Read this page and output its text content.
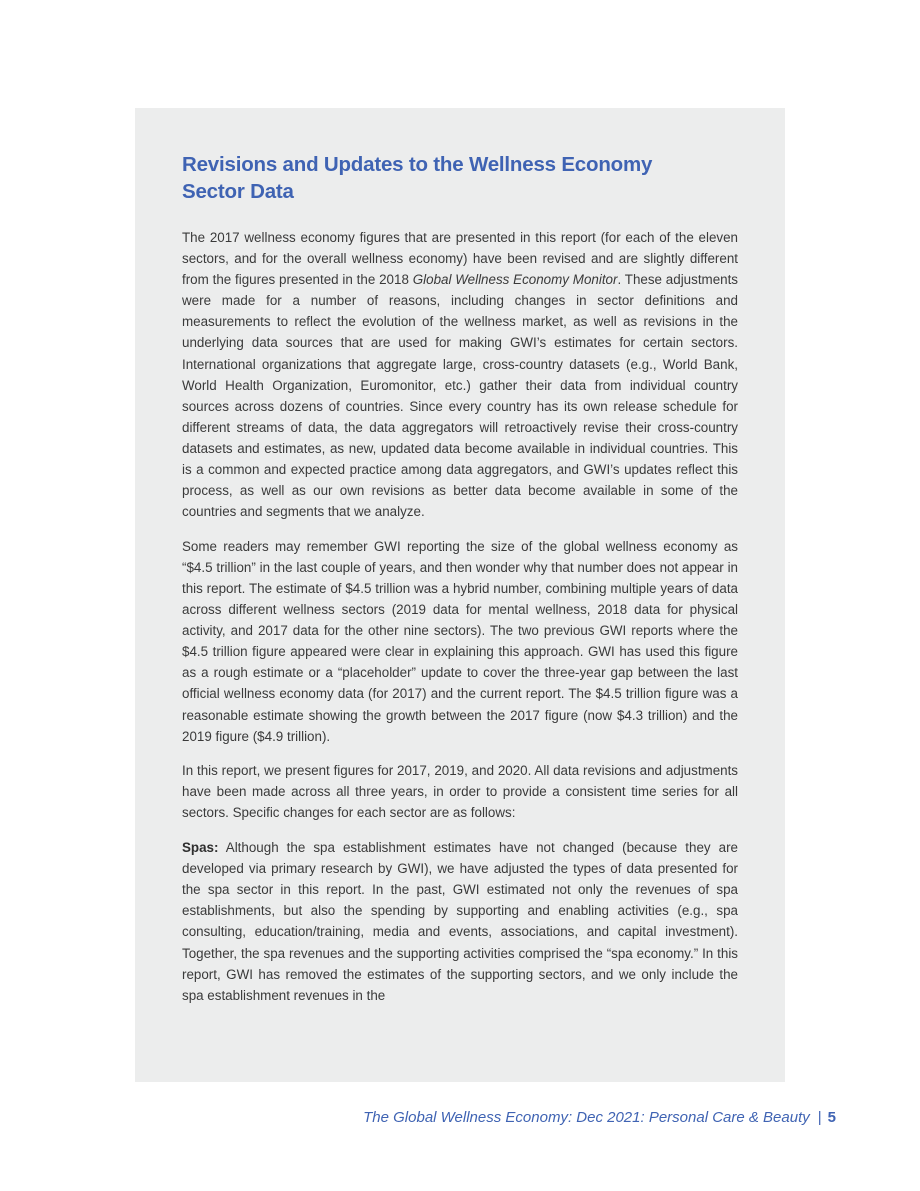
Revisions and Updates to the Wellness Economy
Sector Data

The 2017 wellness economy figures that are presented in this report (for each of the eleven sectors, and for the overall wellness economy) have been revised and are slightly different from the figures presented in the 2018 Global Wellness Economy Monitor. These adjustments were made for a number of reasons, including changes in sector definitions and measurements to reflect the evolution of the wellness market, as well as revisions in the underlying data sources that are used for making GWI’s estimates for certain sectors. International organizations that aggregate large, cross-country datasets (e.g., World Bank, World Health Organization, Euromonitor, etc.) gather their data from individual country sources across dozens of countries. Since every country has its own release schedule for different streams of data, the data aggregators will retroactively revise their cross-country datasets and estimates, as new, updated data become available in individual countries. This is a common and expected practice among data aggregators, and GWI’s updates reflect this process, as well as our own revisions as better data become available in some of the countries and segments that we analyze.

Some readers may remember GWI reporting the size of the global wellness economy as “$4.5 trillion” in the last couple of years, and then wonder why that number does not appear in this report. The estimate of $4.5 trillion was a hybrid number, combining multiple years of data across different wellness sectors (2019 data for mental wellness, 2018 data for physical activity, and 2017 data for the other nine sectors). The two previous GWI reports where the $4.5 trillion figure appeared were clear in explaining this approach. GWI has used this figure as a rough estimate or a “placeholder” update to cover the three-year gap between the last official wellness economy data (for 2017) and the current report. The $4.5 trillion figure was a reasonable estimate showing the growth between the 2017 figure (now $4.3 trillion) and the 2019 figure ($4.9 trillion).

In this report, we present figures for 2017, 2019, and 2020. All data revisions and adjustments have been made across all three years, in order to provide a consistent time series for all sectors. Specific changes for each sector are as follows:

Spas: Although the spa establishment estimates have not changed (because they are developed via primary research by GWI), we have adjusted the types of data presented for the spa sector in this report. In the past, GWI estimated not only the revenues of spa establishments, but also the spending by supporting and enabling activities (e.g., spa consulting, education/training, media and events, associations, and capital investment). Together, the spa revenues and the supporting activities comprised the “spa economy.” In this report, GWI has removed the estimates of the supporting sectors, and we only include the spa establishment revenues in the

The Global Wellness Economy: Dec 2021: Personal Care & Beauty | 5
